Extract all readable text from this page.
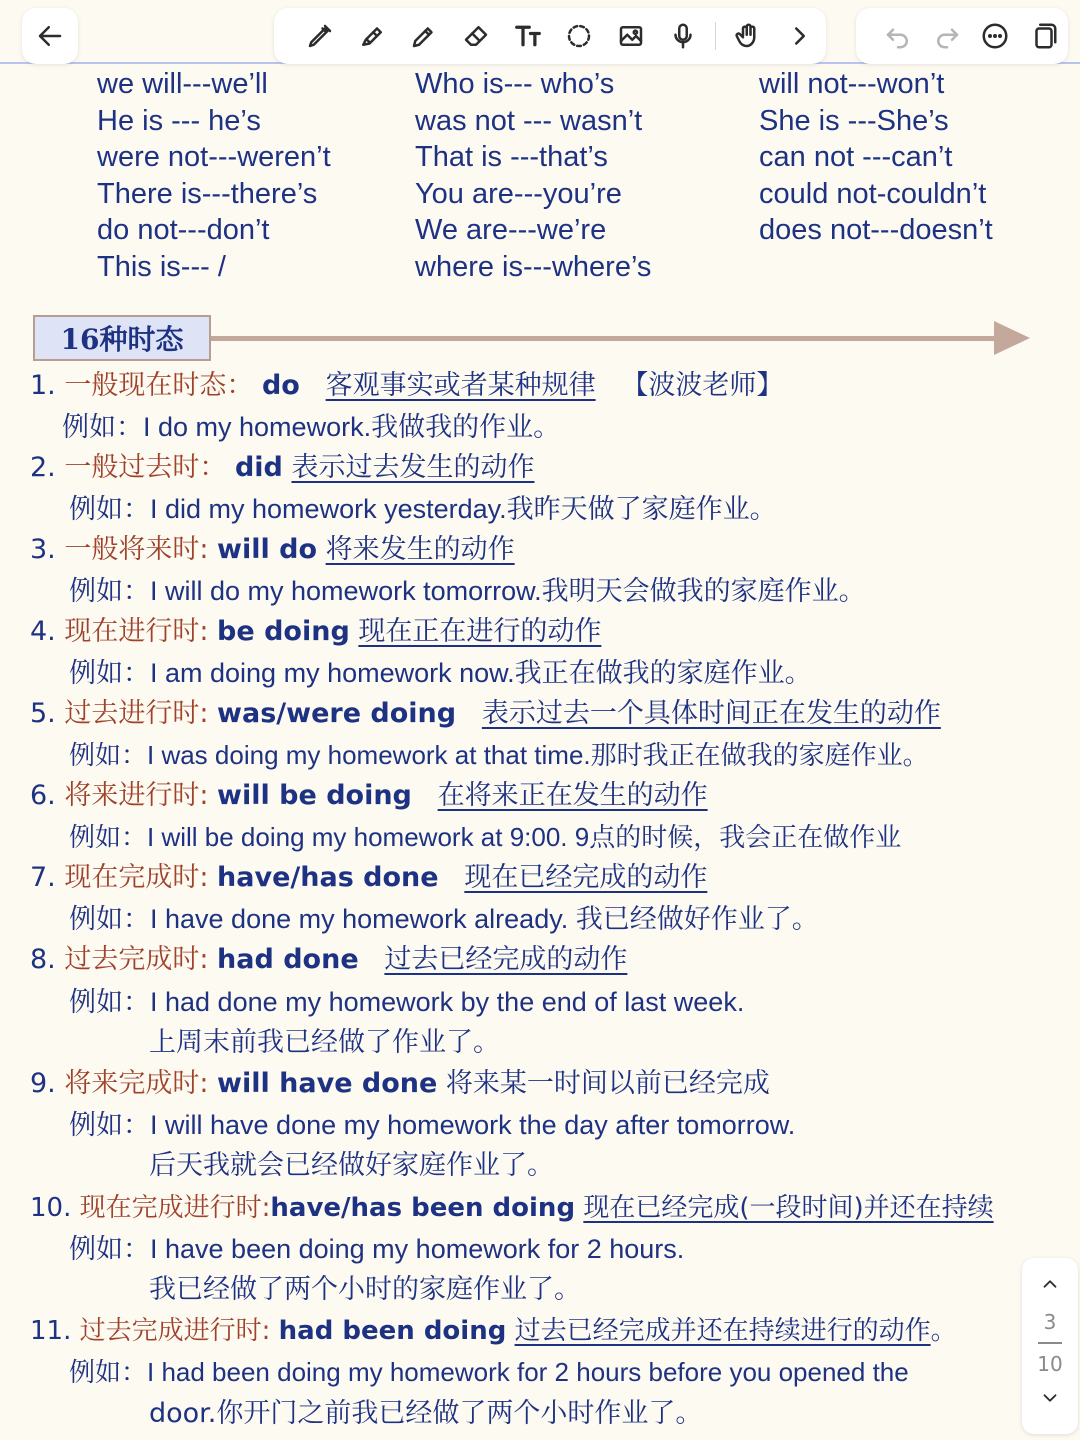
we will---we’ll
He is --- he’s
were not---weren’t
There is---there’s
do not---don’t
This is--- /
Who is--- who’s
was not --- wasn’t
That is ---that’s
You are---you’re
We are---we’re
where is---where’s
will not---won’t
She is ---She’s
can not ---can’t
could not-couldn’t
does not---doesn’t
16种时态
1. 一般现在时态： do 客观事实或者某种规律 【波波老师】
例如：I do my homework.我做我的作业。
2. 一般过去时： did 表示过去发生的动作
例如：I did my homework yesterday.我昨天做了家庭作业。
3. 一般将来时: will do 将来发生的动作
例如：I will do my homework tomorrow.我明天会做我的家庭作业。
4. 现在进行时: be doing 现在正在进行的动作
例如：I am doing my homework now.我正在做我的家庭作业。
5. 过去进行时: was/were doing 表示过去一个具体时间正在发生的动作
例如：I was doing my homework at that time.那时我正在做我的家庭作业。
6. 将来进行时: will be doing 在将来正在发生的动作
例如：I will be doing my homework at 9:00. 9点的时候，我会正在做作业
7. 现在完成时: have/has done 现在已经完成的动作
例如：I have done my homework already. 我已经做好作业了。
8. 过去完成时: had done 过去已经完成的动作
例如：I had done my homework by the end of last week.
上周末前我已经做了作业了。
9. 将来完成时: will have done 将来某一时间以前已经完成
例如：I will have done my homework the day after tomorrow.
后天我就会已经做好家庭作业了。
10. 现在完成进行时:have/has been doing 现在已经完成(一段时间)并还在持续
例如：I have been doing my homework for 2 hours.
我已经做了两个小时的家庭作业了。
11. 过去完成进行时: had been doing 过去已经完成并还在持续进行的动作。
例如：I had been doing my homework for 2 hours before you opened the
door.你开门之前我已经做了两个小时作业了。
3
10
